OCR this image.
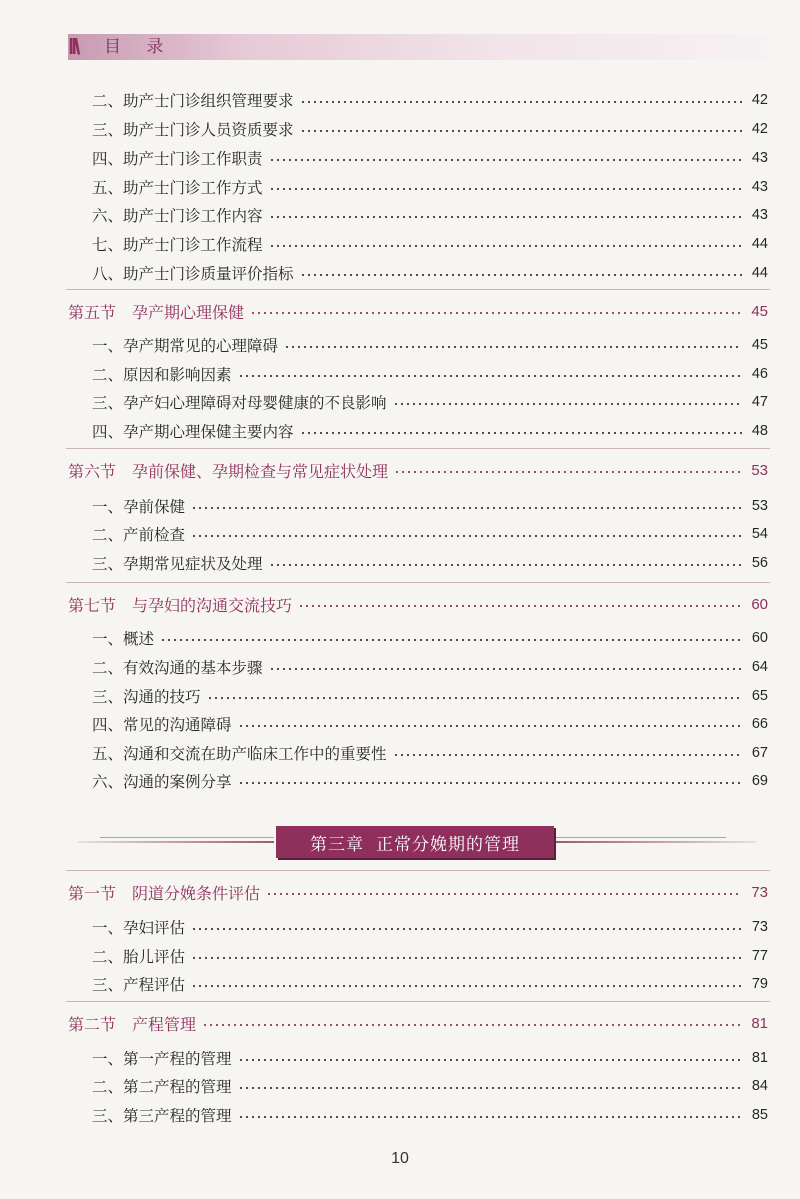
ǀǀ\	目 录
二、助产士门诊组织管理要求	42
三、助产士门诊人员资质要求	42
四、助产士门诊工作职责	43
五、助产士门诊工作方式	43
六、助产士门诊工作内容	43
七、助产士门诊工作流程	44
八、助产士门诊质量评价指标	44
第五节　孕产期心理保健	45
一、孕产期常见的心理障碍	45
二、原因和影响因素	46
三、孕产妇心理障碍对母婴健康的不良影响	47
四、孕产期心理保健主要内容	48
第六节　孕前保健、孕期检查与常见症状处理	53
一、孕前保健	53
二、产前检查	54
三、孕期常见症状及处理	56
第七节　与孕妇的沟通交流技巧	60
一、概述	60
二、有效沟通的基本步骤	64
三、沟通的技巧	65
四、常见的沟通障碍	66
五、沟通和交流在助产临床工作中的重要性	67
六、沟通的案例分享	69
第一节　阴道分娩条件评估	73
一、孕妇评估	73
二、胎儿评估	77
三、产程评估	79
第二节　产程管理	81
一、第一产程的管理	81
二、第二产程的管理	84
三、第三产程的管理	85
第三章 正常分娩期的管理
10
